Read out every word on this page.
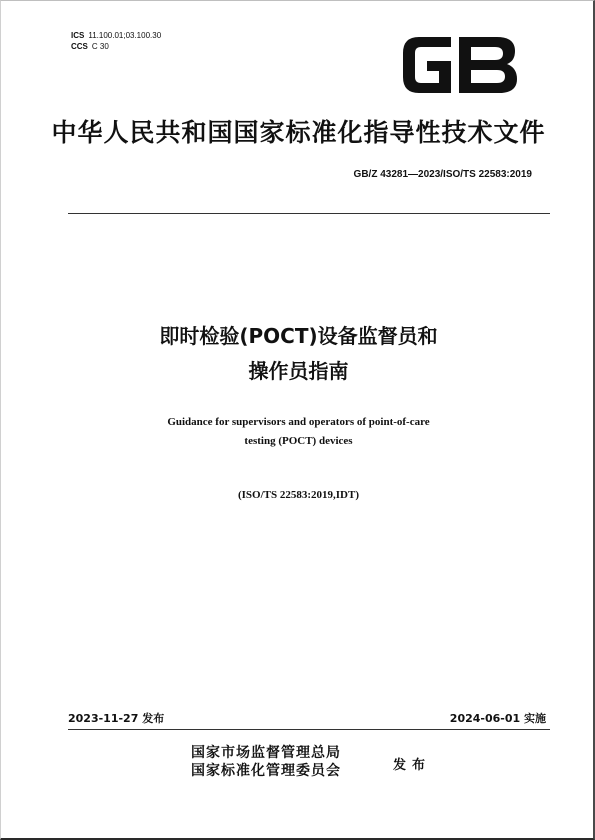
ICS 11.100.01;03.100.30
CCS C 30
中华人民共和国国家标准化指导性技术文件
GB/Z 43281—2023/ISO/TS 22583:2019
即时检验(POCT)设备监督员和
操作员指南
Guidance for supervisors and operators of point-of-care
testing (POCT) devices
(ISO/TS 22583:2019,IDT)
2023-11-27 发布	2024-06-01 实施
国家市场监督管理总局
国家标准化管理委员会	发布
